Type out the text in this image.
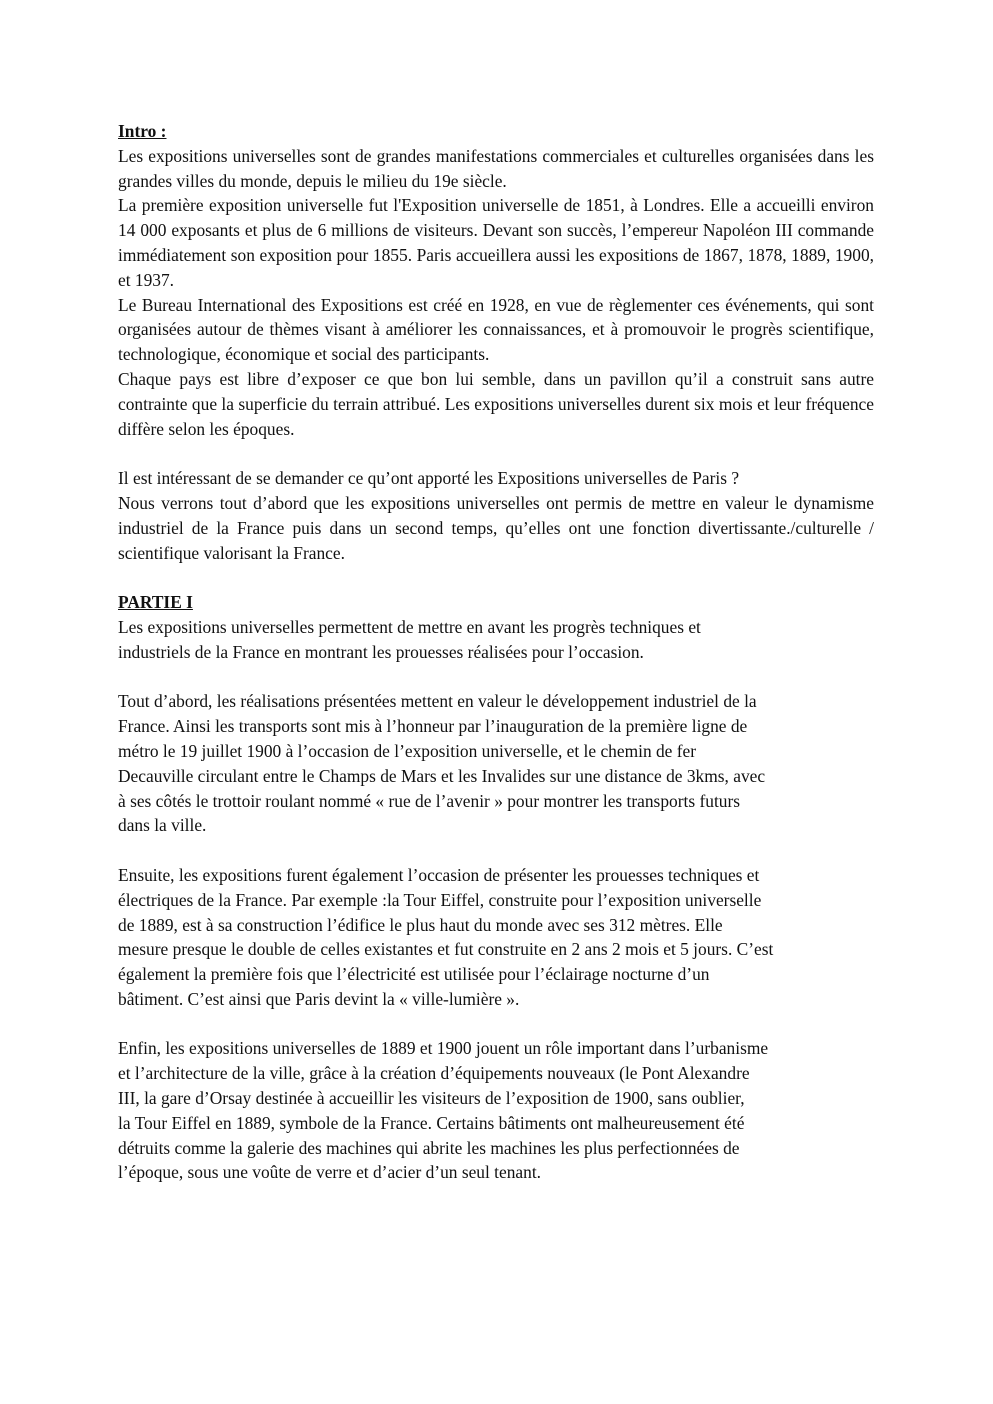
Intro :

Les expositions universelles sont de grandes manifestations commerciales et culturelles organisées dans les grandes villes du monde, depuis le milieu du 19e siècle.

La première exposition universelle fut l'Exposition universelle de 1851, à Londres. Elle a accueilli environ 14 000 exposants et plus de 6 millions de visiteurs. Devant son succès, l’empereur Napoléon III commande immédiatement son exposition pour 1855. Paris accueillera aussi les expositions de 1867, 1878, 1889, 1900, et 1937.

Le Bureau International des Expositions est créé en 1928, en vue de règlementer ces événements, qui sont organisées autour de thèmes visant à améliorer les connaissances, et à promouvoir le progrès scientifique, technologique, économique et social des participants.

Chaque pays est libre d’exposer ce que bon lui semble, dans un pavillon qu’il a construit sans autre contrainte que la superficie du terrain attribué. Les expositions universelles durent six mois et leur fréquence diffère selon les époques.

Il est intéressant de se demander ce qu’ont apporté les Expositions universelles de Paris ?

Nous verrons tout d’abord que les expositions universelles ont permis de mettre en valeur le dynamisme industriel de la France puis dans un second temps, qu’elles ont une fonction divertissante./culturelle / scientifique valorisant la France.

PARTIE I

Les expositions universelles permettent de mettre en avant les progrès techniques et
industriels de la France en montrant les prouesses réalisées pour l’occasion.

Tout d’abord, les réalisations présentées mettent en valeur le développement industriel de la
France. Ainsi les transports sont mis à l’honneur par l’inauguration de la première ligne de
métro le 19 juillet 1900 à l’occasion de l’exposition universelle, et le chemin de fer
Decauville circulant entre le Champs de Mars et les Invalides sur une distance de 3kms, avec
à ses côtés le trottoir roulant nommé « rue de l’avenir » pour montrer les transports futurs
dans la ville.

Ensuite, les expositions furent également l’occasion de présenter les prouesses techniques et
électriques de la France. Par exemple :la Tour Eiffel, construite pour l’exposition universelle
de 1889, est à sa construction l’édifice le plus haut du monde avec ses 312 mètres. Elle
mesure presque le double de celles existantes et fut construite en 2 ans 2 mois et 5 jours. C’est
également la première fois que l’électricité est utilisée pour l’éclairage nocturne d’un
bâtiment. C’est ainsi que Paris devint la « ville-lumière ».

Enfin, les expositions universelles de 1889 et 1900 jouent un rôle important dans l’urbanisme
et l’architecture de la ville, grâce à la création d’équipements nouveaux (le Pont Alexandre
III, la gare d’Orsay destinée à accueillir les visiteurs de l’exposition de 1900, sans oublier,
la Tour Eiffel en 1889, symbole de la France. Certains bâtiments ont malheureusement été
détruits comme la galerie des machines qui abrite les machines les plus perfectionnées de
l’époque, sous une voûte de verre et d’acier d’un seul tenant.
